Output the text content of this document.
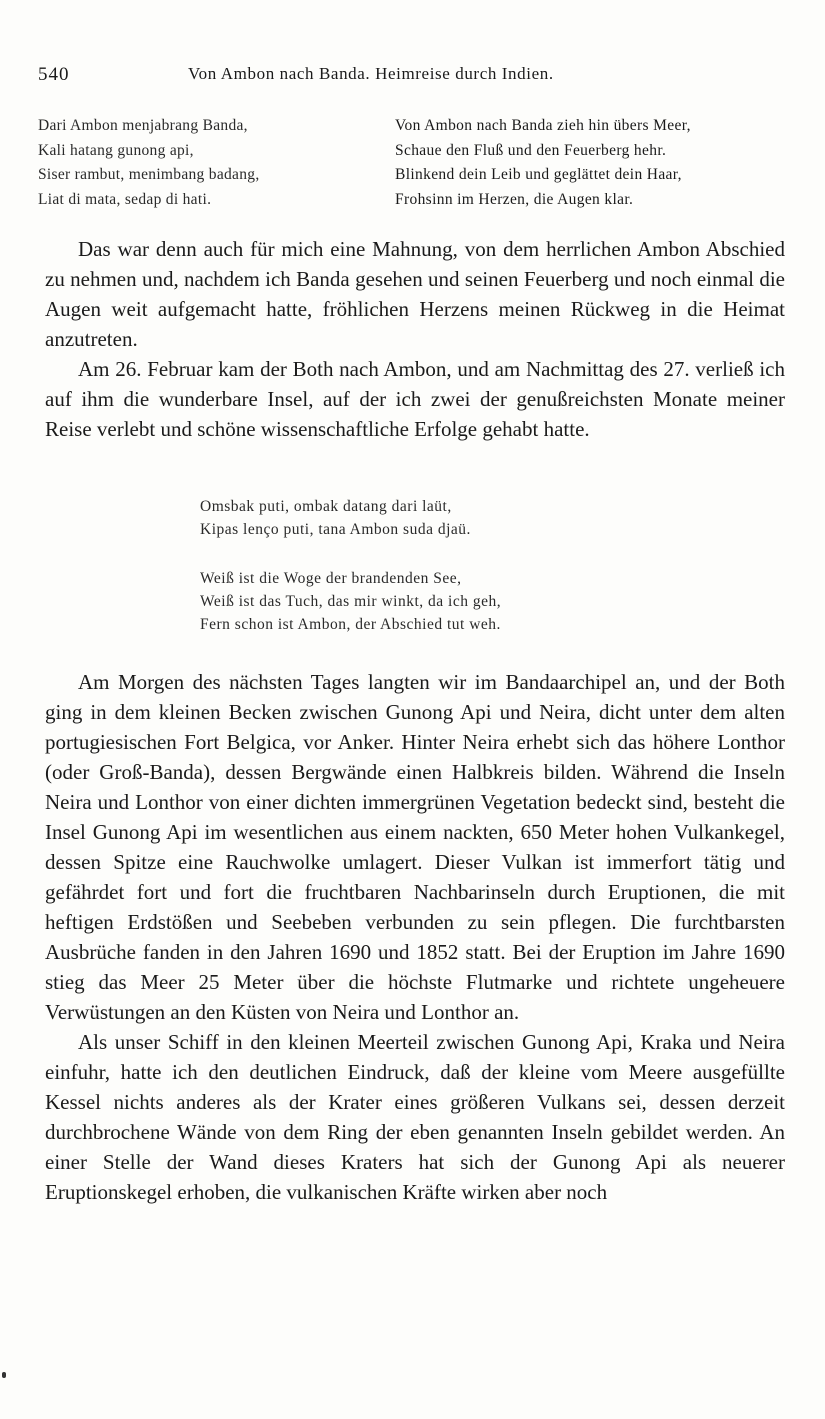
540	Von Ambon nach Banda. Heimreise durch Indien.
Dari Ambon menjabrang Banda,
Kali hatang gunong api,
Siser rambut, menimbang badang,
Liat di mata, sedap di hati.
Von Ambon nach Banda zieh hin übers Meer,
Schaue den Fluß und den Feuerberg hehr.
Blinkend dein Leib und geglättet dein Haar,
Frohsinn im Herzen, die Augen klar.

Das war denn auch für mich eine Mahnung, von dem herrlichen Ambon Abschied zu nehmen und, nachdem ich Banda gesehen und seinen Feuerberg und noch einmal die Augen weit aufgemacht hatte, fröhlichen Herzens meinen Rückweg in die Heimat anzutreten.

Am 26. Februar kam der Both nach Ambon, und am Nachmittag des 27. verließ ich auf ihm die wunderbare Insel, auf der ich zwei der genußreichsten Monate meiner Reise verlebt und schöne wissenschaftliche Erfolge gehabt hatte.

Omsbak puti, ombak datang dari laüt,
Kipas lenço puti, tana Ambon suda djaü.
Weiß ist die Woge der brandenden See,
Weiß ist das Tuch, das mir winkt, da ich geh,
Fern schon ist Ambon, der Abschied tut weh.

Am Morgen des nächsten Tages langten wir im Bandaarchipel an, und der Both ging in dem kleinen Becken zwischen Gunong Api und Neira, dicht unter dem alten portugiesischen Fort Belgica, vor Anker. Hinter Neira erhebt sich das höhere Lonthor (oder Groß-Banda), dessen Bergwände einen Halbkreis bilden. Während die Inseln Neira und Lonthor von einer dichten immergrünen Vegetation bedeckt sind, besteht die Insel Gunong Api im wesentlichen aus einem nackten, 650 Meter hohen Vulkankegel, dessen Spitze eine Rauchwolke umlagert. Dieser Vulkan ist immerfort tätig und gefährdet fort und fort die fruchtbaren Nachbarinseln durch Eruptionen, die mit heftigen Erdstößen und Seebeben verbunden zu sein pflegen. Die furchtbarsten Ausbrüche fanden in den Jahren 1690 und 1852 statt. Bei der Eruption im Jahre 1690 stieg das Meer 25 Meter über die höchste Flutmarke und richtete ungeheuere Verwüstungen an den Küsten von Neira und Lonthor an.

Als unser Schiff in den kleinen Meerteil zwischen Gunong Api, Kraka und Neira einfuhr, hatte ich den deutlichen Eindruck, daß der kleine vom Meere ausgefüllte Kessel nichts anderes als der Krater eines größeren Vulkans sei, dessen derzeit durchbrochene Wände von dem Ring der eben genannten Inseln gebildet werden. An einer Stelle der Wand dieses Kraters hat sich der Gunong Api als neuerer Eruptionskegel erhoben, die vulkanischen Kräfte wirken aber noch
